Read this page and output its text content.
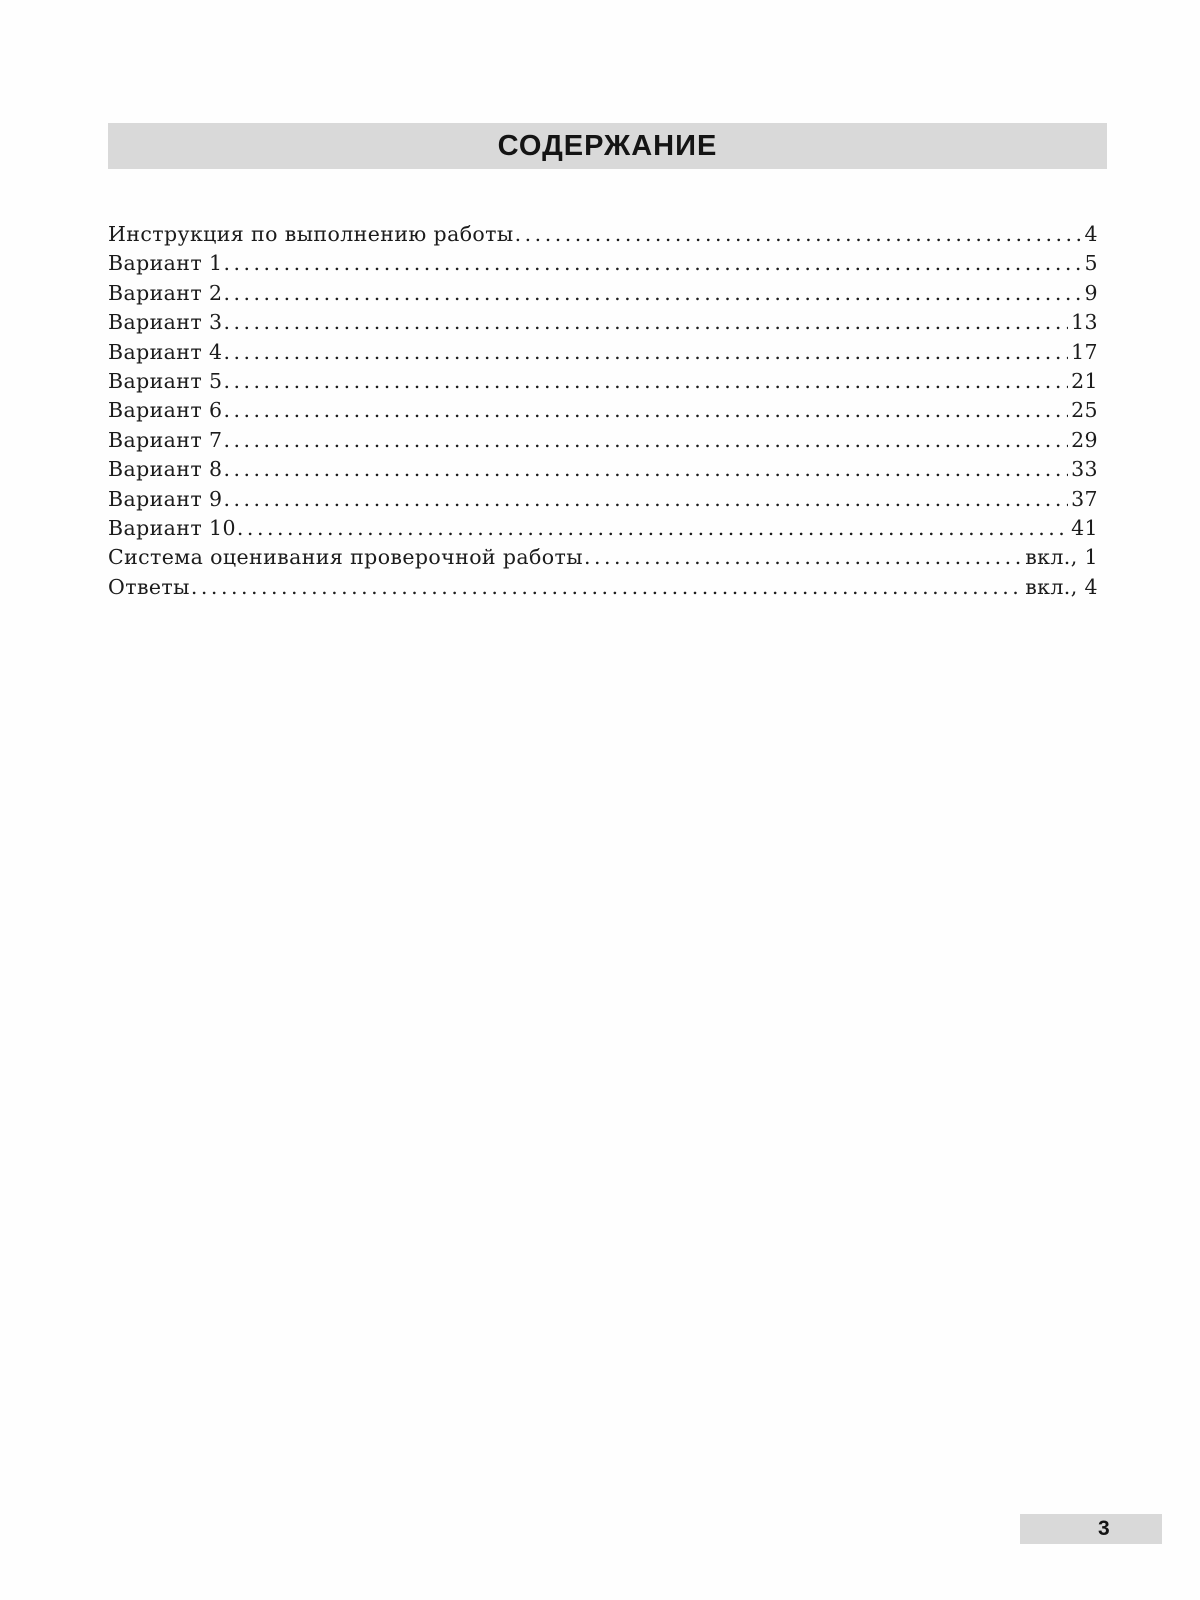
СОДЕРЖАНИЕ
Инструкция по выполнению работы .....	4
Вариант 1 .....	5
Вариант 2 .....	9
Вариант 3 .....	13
Вариант 4 .....	17
Вариант 5 .....	21
Вариант 6 .....	25
Вариант 7 .....	29
Вариант 8 .....	33
Вариант 9 .....	37
Вариант 10 .....	41
Система оценивания проверочной работы .....	вкл., 1
Ответы .....	вкл., 4
3
